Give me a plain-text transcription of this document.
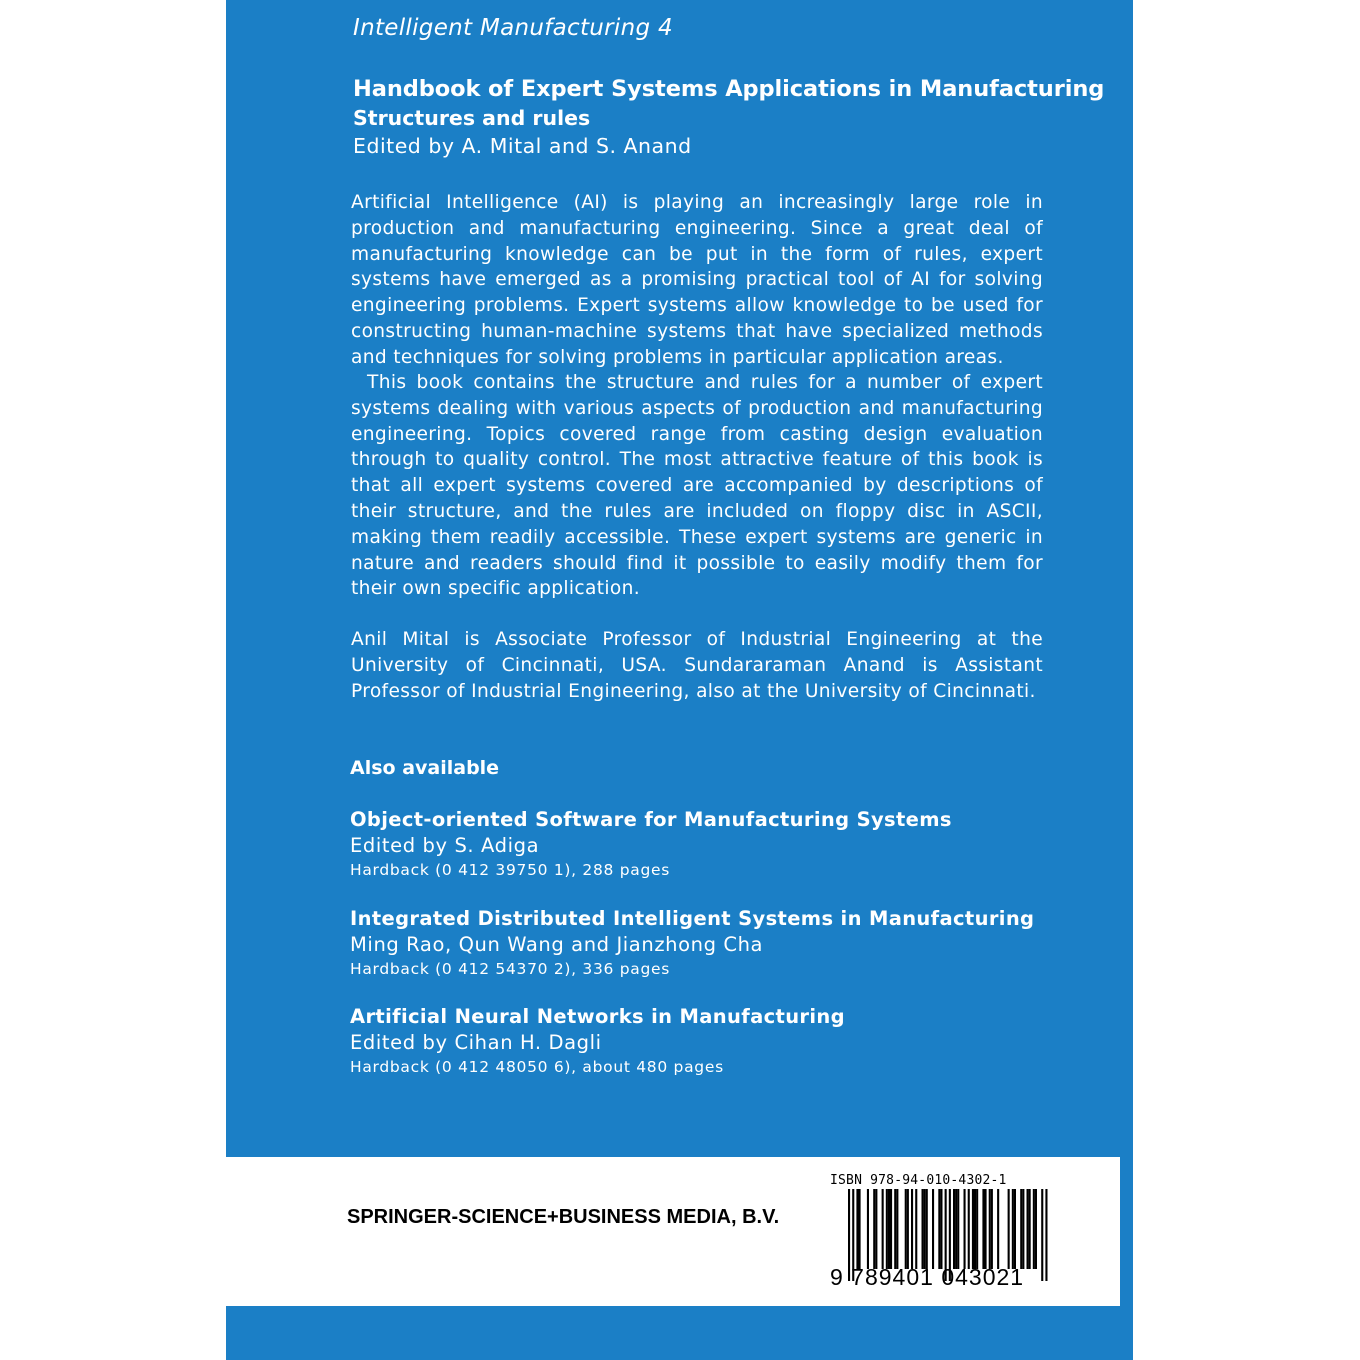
Intelligent Manufacturing 4
Handbook of Expert Systems Applications in Manufacturing
Structures and rules
Edited by A. Mital and S. Anand

Artificial Intelligence (AI) is playing an increasingly large role in production and manufacturing engineering. Since a great deal of manufacturing knowledge can be put in the form of rules, expert systems have emerged as a promising practical tool of AI for solving engineering problems. Expert systems allow knowledge to be used for constructing human-machine systems that have specialized methods and techniques for solving problems in particular application areas.

This book contains the structure and rules for a number of expert systems dealing with various aspects of production and manufacturing engineering. Topics covered range from casting design evaluation through to quality control. The most attractive feature of this book is that all expert systems covered are accompanied by descriptions of their structure, and the rules are included on floppy disc in ASCII, making them readily accessible. These expert systems are generic in nature and readers should find it possible to easily modify them for their own specific application.

Anil Mital is Associate Professor of Industrial Engineering at the University of Cincinnati, USA. Sundararaman Anand is Assistant Professor of Industrial Engineering, also at the University of Cincinnati.

Also available
Object-oriented Software for Manufacturing Systems
Edited by S. Adiga
Hardback (0 412 39750 1), 288 pages
Integrated Distributed Intelligent Systems in Manufacturing
Ming Rao, Qun Wang and Jianzhong Cha
Hardback (0 412 54370 2), 336 pages
Artificial Neural Networks in Manufacturing
Edited by Cihan H. Dagli
Hardback (0 412 48050 6), about 480 pages
SPRINGER-SCIENCE+BUSINESS MEDIA, B.V.
ISBN 978-94-010-4302-1
9 789401 043021
